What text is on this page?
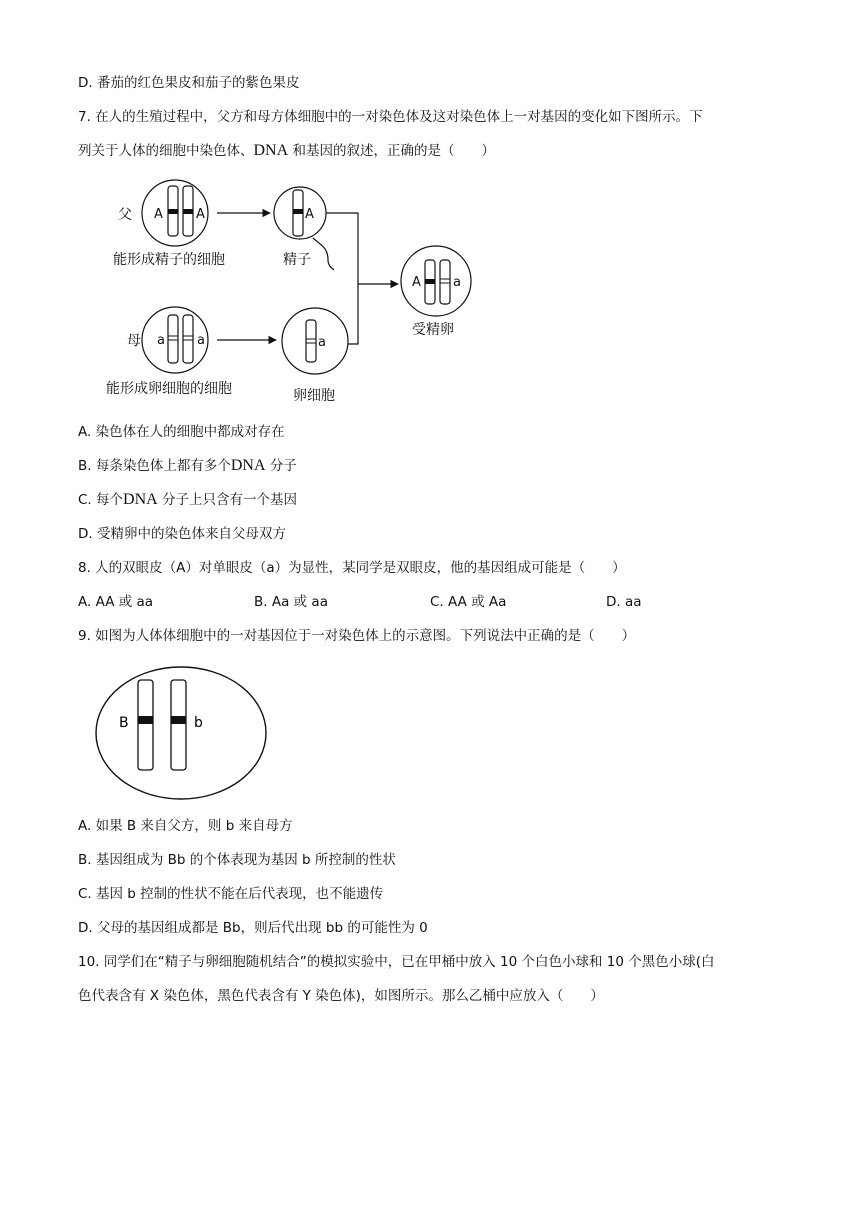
D. 番茄的红色果皮和茄子的紫色果皮
7. 在人的生殖过程中，父方和母方体细胞中的一对染色体及这对染色体上一对基因的变化如下图所示。下
列关于人体的细胞中染色体、DNA 和基因的叙述，正确的是（　　）
父
母
能形成精子的细胞	精子
能形成卵细胞的细胞	卵细胞
受精卵
A	A	A
a a	a
A a
A. 染色体在人的细胞中都成对存在
B. 每条染色体上都有多个DNA 分子
C. 每个DNA 分子上只含有一个基因
D. 受精卵中的染色体来自父母双方
8. 人的双眼皮（A）对单眼皮（a）为显性，某同学是双眼皮，他的基因组成可能是（　　）
A. AA 或 aa	B. Aa 或 aa	C. AA 或 Aa	D. aa
9. 如图为人体体细胞中的一对基因位于一对染色体上的示意图。下列说法中正确的是（　　）
B	b
A. 如果 B 来自父方，则 b 来自母方
B. 基因组成为 Bb 的个体表现为基因 b 所控制的性状
C. 基因 b 控制的性状不能在后代表现，也不能遗传
D. 父母的基因组成都是 Bb，则后代出现 bb 的可能性为 0
10. 同学们在“精子与卵细胞随机结合”的模拟实验中，已在甲桶中放入 10 个白色小球和 10 个黑色小球(白
色代表含有 X 染色体，黑色代表含有 Y 染色体)，如图所示。那么乙桶中应放入（　　）
